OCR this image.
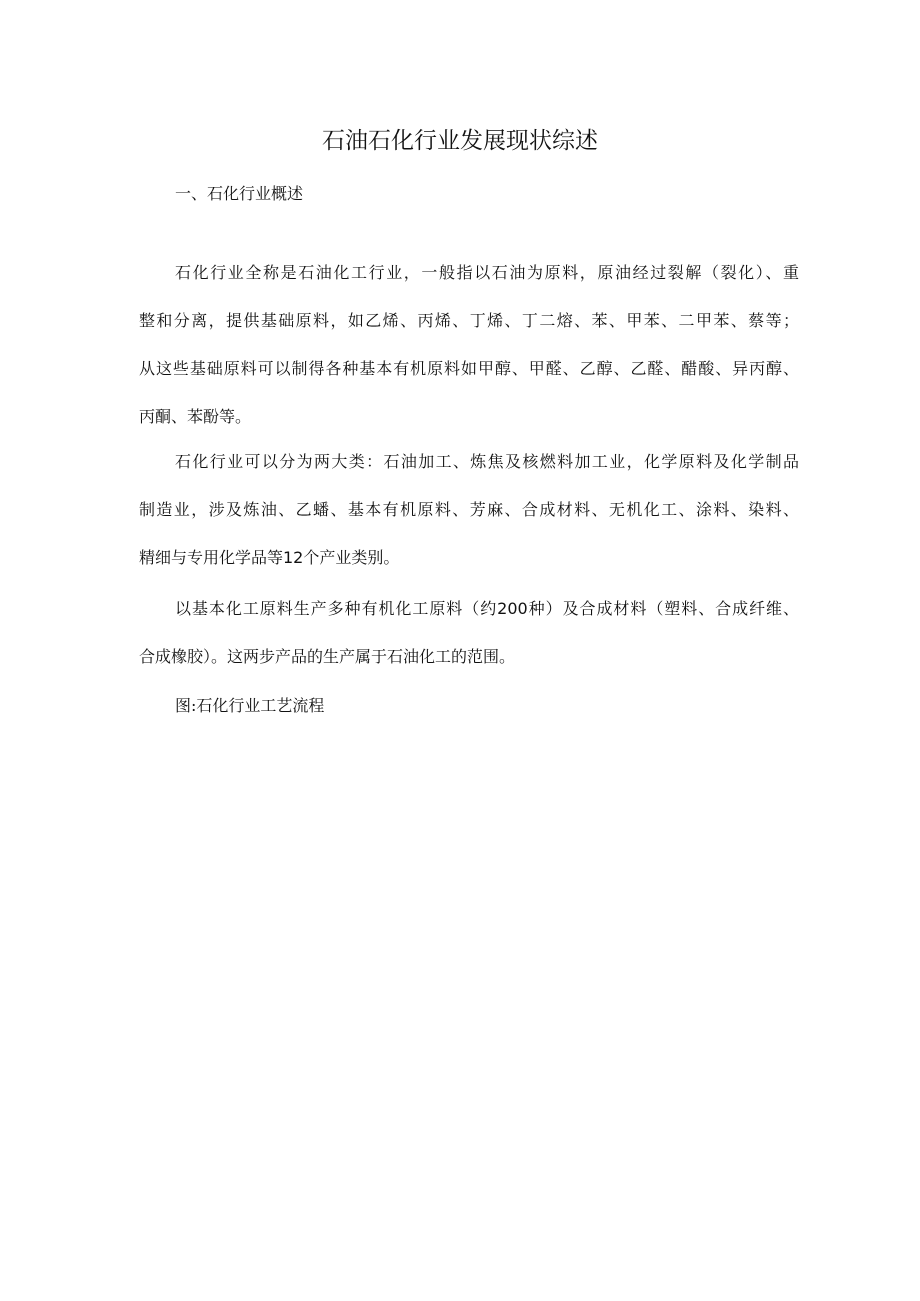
石油石化行业发展现状综述
一、石化行业概述

石化行业全称是石油化工行业，一般指以石油为原料，原油经过裂解（裂化）、重
整和分离，提供基础原料，如乙烯、丙烯、丁烯、丁二熔、苯、甲苯、二甲苯、蔡等；
从这些基础原料可以制得各种基本有机原料如甲醇、甲醛、乙醇、乙醛、醋酸、异丙醇、
丙酮、苯酚等。

石化行业可以分为两大类：石油加工、炼焦及核燃料加工业，化学原料及化学制品
制造业，涉及炼油、乙蟠、基本有机原料、芳麻、合成材料、无机化工、涂料、染料、
精细与专用化学品等12个产业类别。

以基本化工原料生产多种有机化工原料（约200种）及合成材料（塑料、合成纤维、
合成橡胶）。这两步产品的生产属于石油化工的范围。

图:石化行业工艺流程
